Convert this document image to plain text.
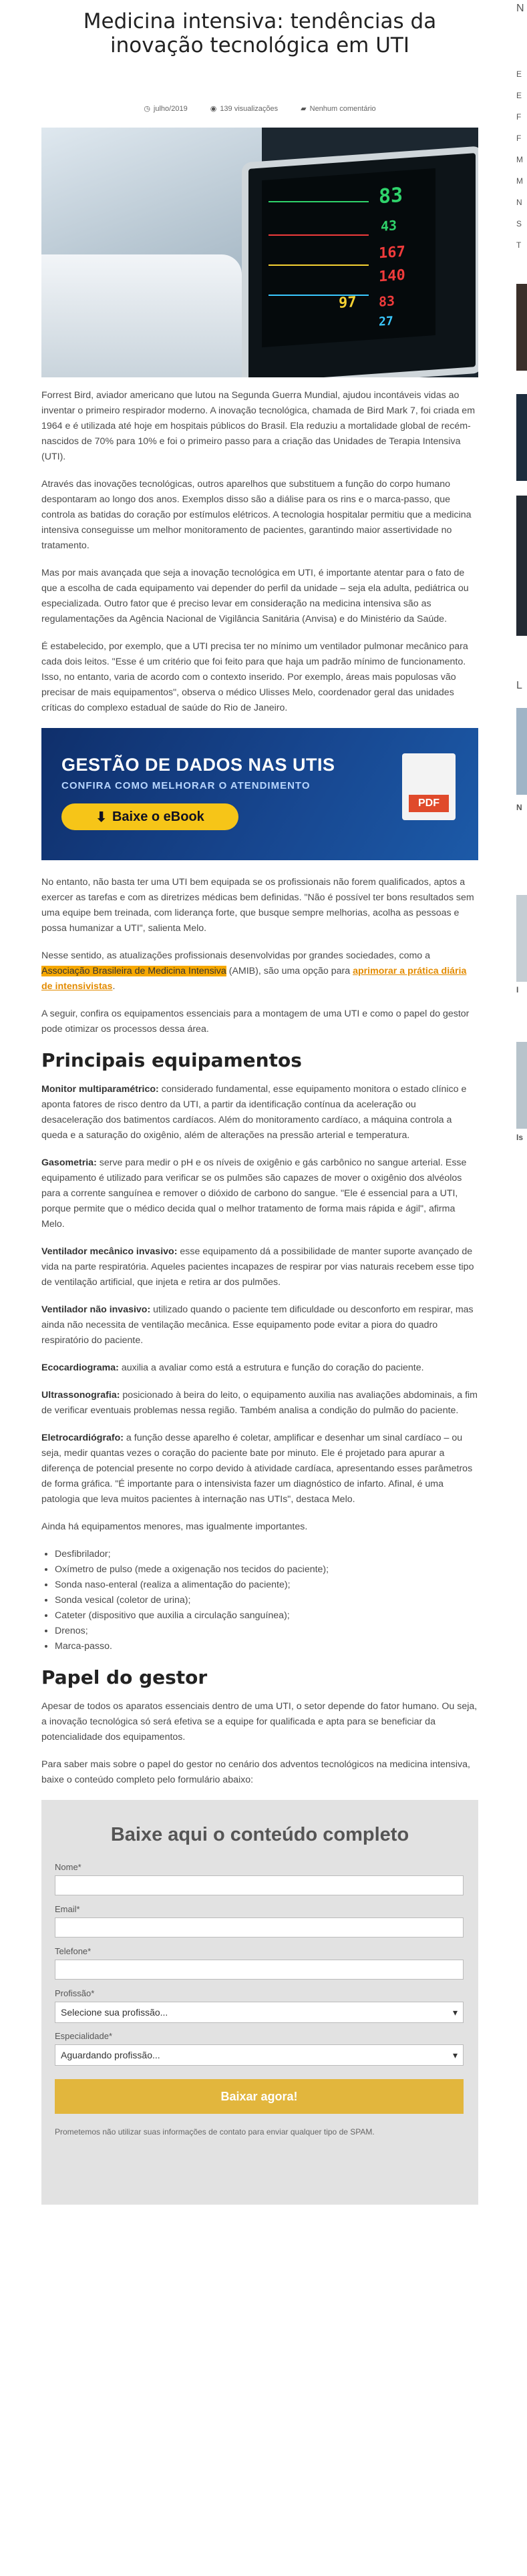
Medicina intensiva: tendências da inovação tecnológica em UTI
◷ julho/2019	◉ 139 visualizações	▰ Nenhum comentário
83
43
167
140
97 83
27

Forrest Bird, aviador americano que lutou na Segunda Guerra Mundial, ajudou incontáveis vidas ao inventar o primeiro respirador moderno. A inovação tecnológica, chamada de Bird Mark 7, foi criada em 1964 e é utilizada até hoje em hospitais públicos do Brasil. Ela reduziu a mortalidade global de recém-nascidos de 70% para 10% e foi o primeiro passo para a criação das Unidades de Terapia Intensiva (UTI).

Através das inovações tecnológicas, outros aparelhos que substituem a função do corpo humano despontaram ao longo dos anos. Exemplos disso são a diálise para os rins e o marca-passo, que controla as batidas do coração por estímulos elétricos. A tecnologia hospitalar permitiu que a medicina intensiva conseguisse um melhor monitoramento de pacientes, garantindo maior assertividade no tratamento.

Mas por mais avançada que seja a inovação tecnológica em UTI, é importante atentar para o fato de que a escolha de cada equipamento vai depender do perfil da unidade – seja ela adulta, pediátrica ou especializada. Outro fator que é preciso levar em consideração na medicina intensiva são as regulamentações da Agência Nacional de Vigilância Sanitária (Anvisa) e do Ministério da Saúde.

É estabelecido, por exemplo, que a UTI precisa ter no mínimo um ventilador pulmonar mecânico para cada dois leitos. "Esse é um critério que foi feito para que haja um padrão mínimo de funcionamento. Isso, no entanto, varia de acordo com o contexto inserido. Por exemplo, áreas mais populosas vão precisar de mais equipamentos", observa o médico Ulisses Melo, coordenador geral das unidades críticas do complexo estadual de saúde do Rio de Janeiro.

GESTÃO DE DADOS NAS UTIS
CONFIRA COMO MELHORAR O ATENDIMENTO
⬇ Baixe o eBook
PDF

No entanto, não basta ter uma UTI bem equipada se os profissionais não forem qualificados, aptos a exercer as tarefas e com as diretrizes médicas bem definidas. "Não é possível ter bons resultados sem uma equipe bem treinada, com liderança forte, que busque sempre melhorias, acolha as pessoas e possa humanizar a UTI", salienta Melo.

Nesse sentido, as atualizações profissionais desenvolvidas por grandes sociedades, como a Associação Brasileira de Medicina Intensiva (AMIB), são uma opção para aprimorar a prática diária de intensivistas.

A seguir, confira os equipamentos essenciais para a montagem de uma UTI e como o papel do gestor pode otimizar os processos dessa área.

Principais equipamentos

Monitor multiparamétrico: considerado fundamental, esse equipamento monitora o estado clínico e aponta fatores de risco dentro da UTI, a partir da identificação contínua da aceleração ou desaceleração dos batimentos cardíacos. Além do monitoramento cardíaco, a máquina controla a queda e a saturação do oxigênio, além de alterações na pressão arterial e temperatura.

Gasometria: serve para medir o pH e os níveis de oxigênio e gás carbônico no sangue arterial. Esse equipamento é utilizado para verificar se os pulmões são capazes de mover o oxigênio dos alvéolos para a corrente sanguínea e remover o dióxido de carbono do sangue. "Ele é essencial para a UTI, porque permite que o médico decida qual o melhor tratamento de forma mais rápida e ágil", afirma Melo.

Ventilador mecânico invasivo: esse equipamento dá a possibilidade de manter suporte avançado de vida na parte respiratória. Aqueles pacientes incapazes de respirar por vias naturais recebem esse tipo de ventilação artificial, que injeta e retira ar dos pulmões.

Ventilador não invasivo: utilizado quando o paciente tem dificuldade ou desconforto em respirar, mas ainda não necessita de ventilação mecânica. Esse equipamento pode evitar a piora do quadro respiratório do paciente.

Ecocardiograma: auxilia a avaliar como está a estrutura e função do coração do paciente.

Ultrassonografia: posicionado à beira do leito, o equipamento auxilia nas avaliações abdominais, a fim de verificar eventuais problemas nessa região. Também analisa a condição do pulmão do paciente.

Eletrocardiógrafo: a função desse aparelho é coletar, amplificar e desenhar um sinal cardíaco – ou seja, medir quantas vezes o coração do paciente bate por minuto. Ele é projetado para apurar a diferença de potencial presente no corpo devido à atividade cardíaca, apresentando esses parâmetros de forma gráfica. "É importante para o intensivista fazer um diagnóstico de infarto. Afinal, é uma patologia que leva muitos pacientes à internação nas UTIs", destaca Melo.

Ainda há equipamentos menores, mas igualmente importantes.

• Desfibrilador;
• Oxímetro de pulso (mede a oxigenação nos tecidos do paciente);
• Sonda naso-enteral (realiza a alimentação do paciente);
• Sonda vesical (coletor de urina);
• Cateter (dispositivo que auxilia a circulação sanguínea);
• Drenos;
• Marca-passo.
Papel do gestor

Apesar de todos os aparatos essenciais dentro de uma UTI, o setor depende do fator humano. Ou seja, a inovação tecnológica só será efetiva se a equipe for qualificada e apta para se beneficiar da potencialidade dos equipamentos.

Para saber mais sobre o papel do gestor no cenário dos adventos tecnológicos na medicina intensiva, baixe o conteúdo completo pelo formulário abaixo:

Baixe aqui o conteúdo completo
Nome*
Email*
Telefone*
Profissão*
Selecione sua profissão...	▾
Especialidade*
Aguardando profissão...	▾
Baixar agora!
Prometemos não utilizar suas informações de contato para enviar qualquer tipo de SPAM.
N
E
E
F
F
M
M
N
S
T
L
N
I
Is
